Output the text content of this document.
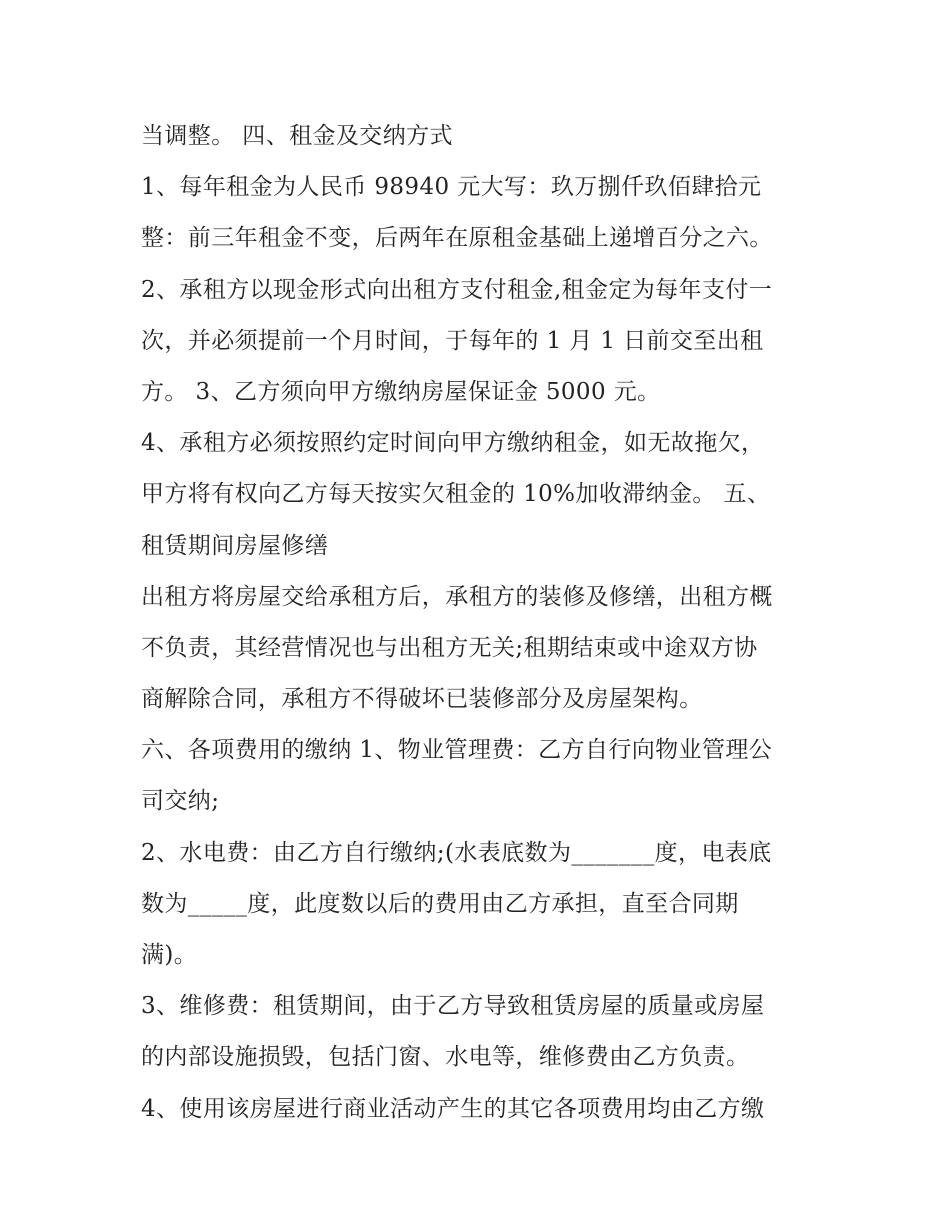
当调整。 四、租金及交纳方式
1、每年租金为人民币 98940 元大写：玖万捌仟玖佰肆拾元
整：前三年租金不变，后两年在原租金基础上递增百分之六。
2、承租方以现金形式向出租方支付租金,租金定为每年支付一
次，并必须提前一个月时间，于每年的 1 月 1 日前交至出租
方。 3、乙方须向甲方缴纳房屋保证金 5000 元。
4、承租方必须按照约定时间向甲方缴纳租金，如无故拖欠，
甲方将有权向乙方每天按实欠租金的 10%加收滞纳金。 五、
租赁期间房屋修缮
出租方将房屋交给承租方后，承租方的装修及修缮，出租方概
不负责，其经营情况也与出租方无关;租期结束或中途双方协
商解除合同，承租方不得破坏已装修部分及房屋架构。
六、各项费用的缴纳 1、物业管理费：乙方自行向物业管理公
司交纳;
2、水电费：由乙方自行缴纳;(水表底数为_______度，电表底
数为_____度，此度数以后的费用由乙方承担，直至合同期
满)。
3、维修费：租赁期间，由于乙方导致租赁房屋的质量或房屋
的内部设施损毁，包括门窗、水电等，维修费由乙方负责。
4、使用该房屋进行商业活动产生的其它各项费用均由乙方缴
